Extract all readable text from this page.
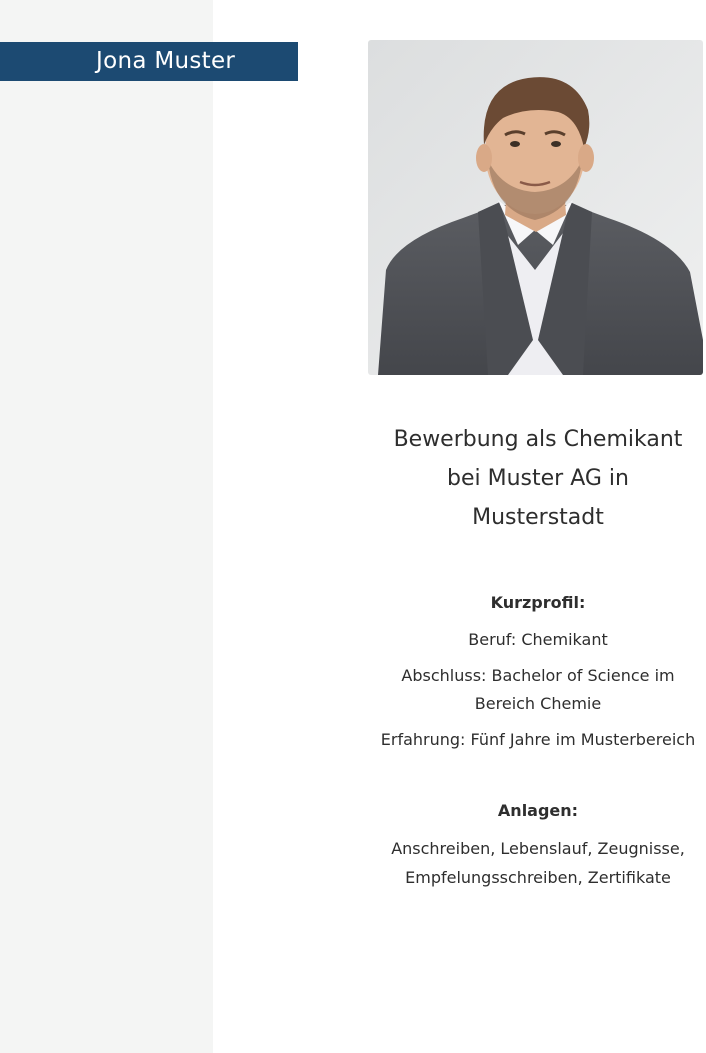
Jona Muster
Bewerbung als Chemikant
bei Muster AG in
Musterstadt

Kurzprofil:

Beruf: Chemikant

Abschluss: Bachelor of Science im
Bereich Chemie

Erfahrung: Fünf Jahre im Musterbereich

Anlagen:

Anschreiben, Lebenslauf, Zeugnisse,
Empfelungsschreiben, Zertifikate
